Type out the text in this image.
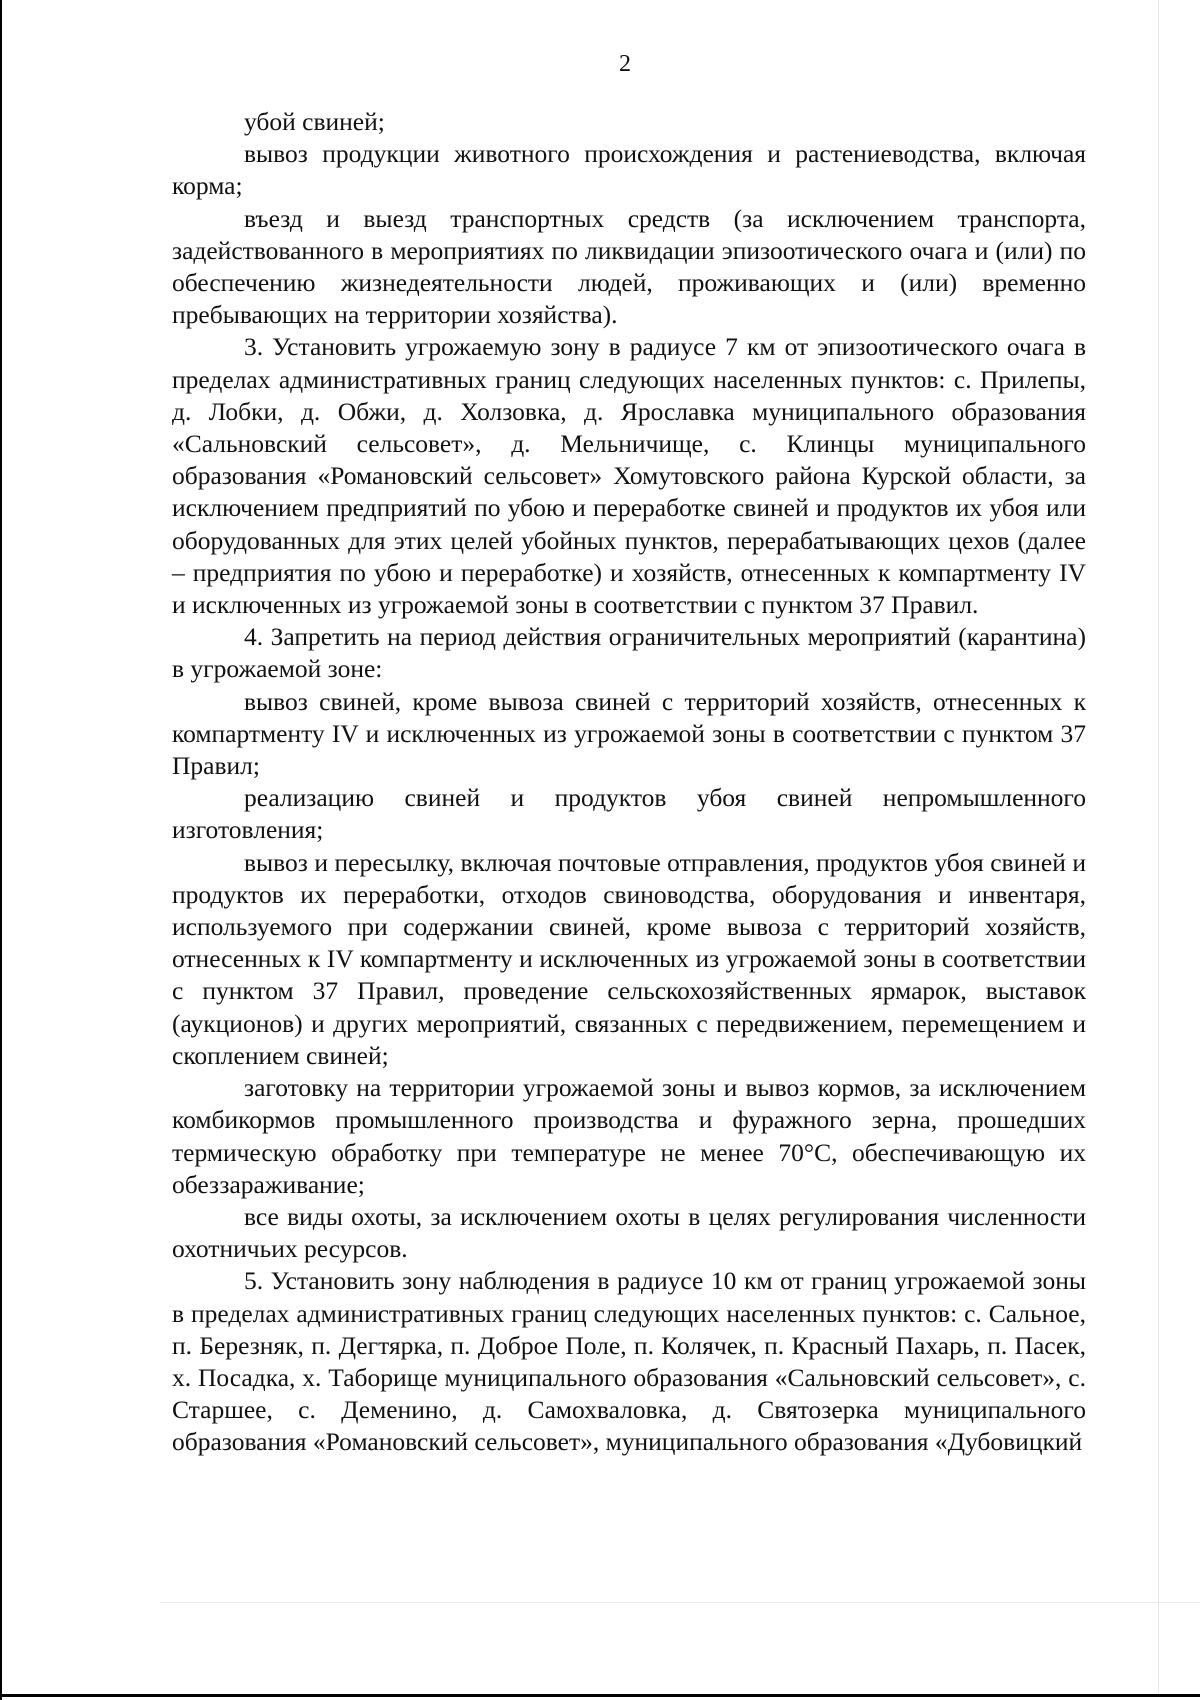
2

убой свиней;

вывоз продукции животного происхождения и растениеводства, включая корма;

въезд и выезд транспортных средств (за исключением транспорта, задействованного в мероприятиях по ликвидации эпизоотического очага и (или) по обеспечению жизнедеятельности людей, проживающих и (или) временно пребывающих на территории хозяйства).

3. Установить угрожаемую зону в радиусе 7 км от эпизоотического очага в пределах административных границ следующих населенных пунктов: с. Прилепы, д. Лобки, д. Обжи, д. Холзовка, д. Ярославка муниципального образования «Сальновский сельсовет», д. Мельничище, с. Клинцы муниципального образования «Романовский сельсовет» Хомутовского района Курской области, за исключением предприятий по убою и переработке свиней и продуктов их убоя или оборудованных для этих целей убойных пунктов, перерабатывающих цехов (далее – предприятия по убою и переработке) и хозяйств, отнесенных к компартменту IV и исключенных из угрожаемой зоны в соответствии с пунктом 37 Правил.

4. Запретить на период действия ограничительных мероприятий (карантина) в угрожаемой зоне:

вывоз свиней, кроме вывоза свиней с территорий хозяйств, отнесенных к компартменту IV и исключенных из угрожаемой зоны в соответствии с пунктом 37 Правил;

реализацию свиней и продуктов убоя свиней непромышленного изготовления;

вывоз и пересылку, включая почтовые отправления, продуктов убоя свиней и продуктов их переработки, отходов свиноводства, оборудования и инвентаря, используемого при содержании свиней, кроме вывоза с территорий хозяйств, отнесенных к IV компартменту и исключенных из угрожаемой зоны в соответствии с пунктом 37 Правил, проведение сельскохозяйственных ярмарок, выставок (аукционов) и других мероприятий, связанных с передвижением, перемещением и скоплением свиней;

заготовку на территории угрожаемой зоны и вывоз кормов, за исключением комбикормов промышленного производства и фуражного зерна, прошедших термическую обработку при температуре не менее 70°С, обеспечивающую их обеззараживание;

все виды охоты, за исключением охоты в целях регулирования численности охотничьих ресурсов.

5. Установить зону наблюдения в радиусе 10 км от границ угрожаемой зоны в пределах административных границ следующих населенных пунктов: с. Сальное, п. Березняк, п. Дегтярка, п. Доброе Поле, п. Колячек, п. Красный Пахарь, п. Пасек, х. Посадка, х. Таборище муниципального образования «Сальновский сельсовет», с. Старшее, с. Деменино, д. Самохваловка, д. Святозерка муниципального образования «Романовский сельсовет», муниципального образования «Дубовицкий
